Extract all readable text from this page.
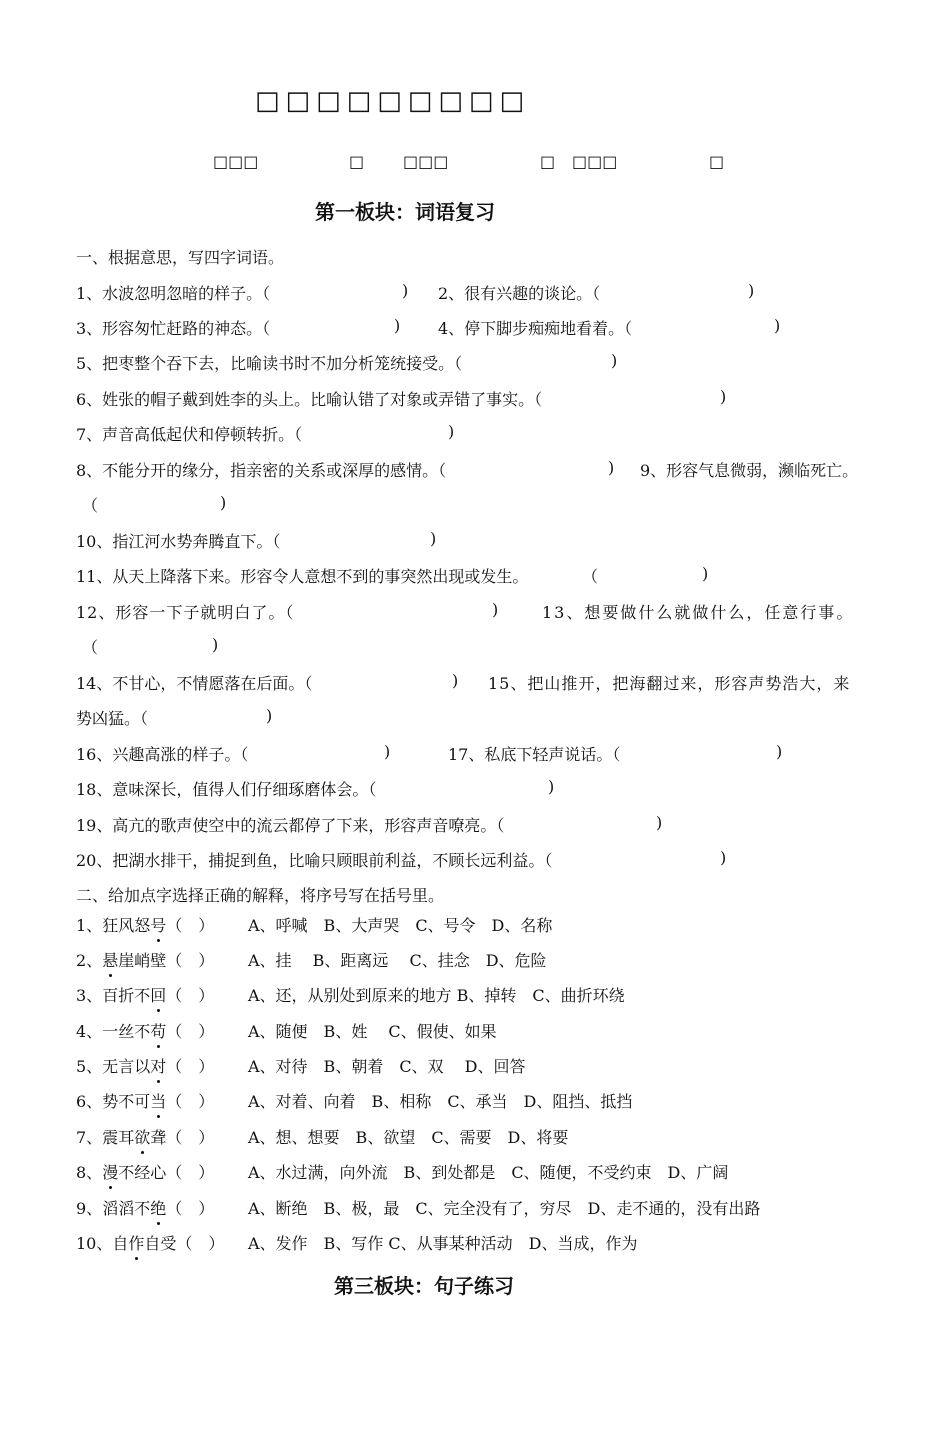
□□□□□□□□□
□□□	□ □□□	□ □□□	□
第一板块：词语复习
一、根据意思，写四字词语。
1、水波忽明忽暗的样子。（	) 2、很有兴趣的谈论。（	)
3、形容匆忙赶路的神态。（	) 4、停下脚步痴痴地看着。（	)
5、把枣整个吞下去，比喻读书时不加分析笼统接受。（	)
6、姓张的帽子戴到姓李的头上。比喻认错了对象或弄错了事实。（	)
7、声音高低起伏和停顿转折。（	)
8、不能分开的缘分，指亲密的关系或深厚的感情。（	) 9、形容气息微弱，濒临死亡。
（	)
10、指江河水势奔腾直下。（	)
11、从天上降落下来。形容令人意想不到的事突然出现或发生。	（	)
12、形容一下子就明白了。（	)	13、想要做什么就做什么，任意行事。
（	)
14、不甘心，不情愿落在后面。（	) 15、把山推开，把海翻过来，形容声势浩大，来
势凶猛。（	)
16、兴趣高涨的样子。（	)	17、私底下轻声说话。（	)
18、意味深长，值得人们仔细琢磨体会。（	)
19、高亢的歌声使空中的流云都停了下来，形容声音嘹亮。（	)
20、把湖水排干，捕捉到鱼，比喻只顾眼前利益，不顾长远利益。（	)
二、给加点字选择正确的解释，将序号写在括号里。
1、狂风怒号（　） A、呼喊　B、大声哭　C、号令　D、名称
2、悬崖峭壁（　） A、挂　 B、距离远　 C、挂念　D、危险
3、百折不回（　） A、还，从别处到原来的地方 B、掉转　C、曲折环绕
4、一丝不苟（　） A、随便　B、姓　 C、假使、如果
5、无言以对（　） A、对待　B、朝着　C、双　 D、回答
6、势不可当（　） A、对着、向着　B、相称　C、承当　D、阻挡、抵挡
7、震耳欲聋（　） A、想、想要　B、欲望　C、需要　D、将要
8、漫不经心（　） A、水过满，向外流　B、到处都是　C、随便，不受约束　D、广阔
9、滔滔不绝（　） A、断绝　B、极，最　C、完全没有了，穷尽　D、走不通的，没有出路
10、自作自受（　） A、发作　B、写作 C、从事某种活动　D、当成，作为
第三板块：句子练习
